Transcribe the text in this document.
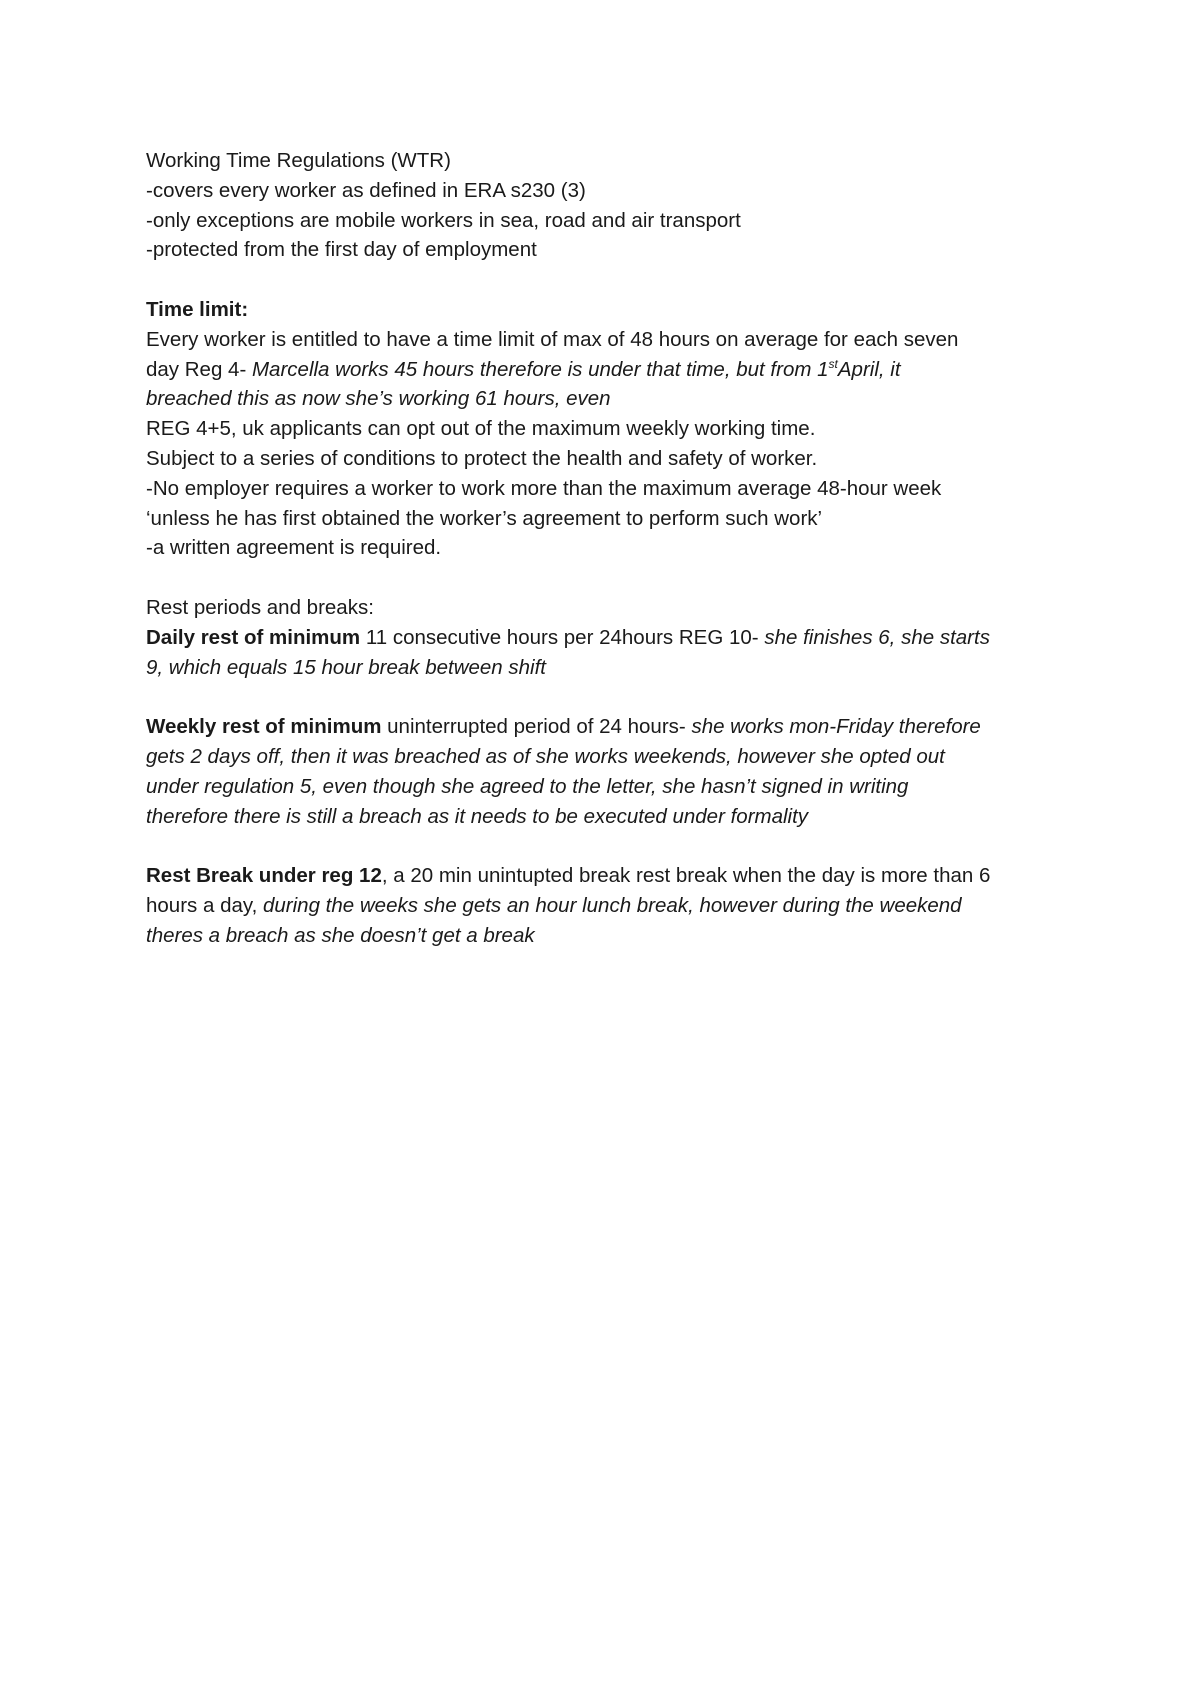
Working Time Regulations (WTR)
-covers every worker as defined in ERA s230 (3)
-only exceptions are mobile workers in sea, road and air transport
-protected from the first day of employment
Time limit:
Every worker is entitled to have a time limit of max of 48 hours on average for each seven
day Reg 4- Marcella works 45 hours therefore is under that time, but from 1stApril, it
breached this as now she’s working 61 hours, even
REG 4+5, uk applicants can opt out of the maximum weekly working time.
Subject to a series of conditions to protect the health and safety of worker.
-No employer requires a worker to work more than the maximum average 48-hour week
‘unless he has first obtained the worker’s agreement to perform such work’
-a written agreement is required.
Rest periods and breaks:
Daily rest of minimum 11 consecutive hours per 24hours REG 10- she finishes 6, she starts
9, which equals 15 hour break between shift
Weekly rest of minimum uninterrupted period of 24 hours- she works mon-Friday therefore
gets 2 days off, then it was breached as of she works weekends, however she opted out
under regulation 5, even though she agreed to the letter, she hasn’t signed in writing
therefore there is still a breach as it needs to be executed under formality
Rest Break under reg 12, a 20 min unintupted break rest break when the day is more than 6
hours a day, during the weeks she gets an hour lunch break, however during the weekend
theres a breach as she doesn’t get a break
